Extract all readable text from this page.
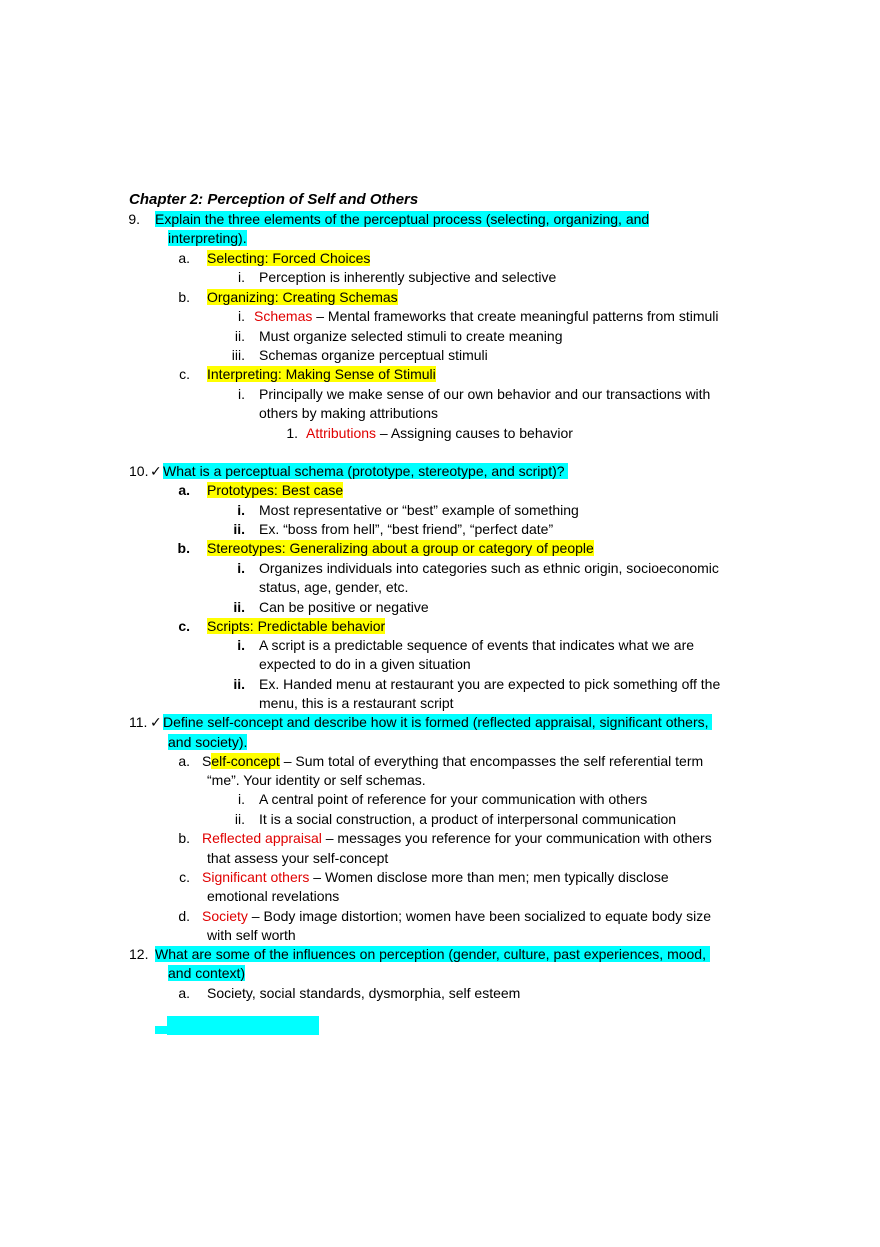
Chapter 2: Perception of Self and Others
9. Explain the three elements of the perceptual process (selecting, organizing, and
interpreting).
a. Selecting: Forced Choices
i. Perception is inherently subjective and selective
b. Organizing: Creating Schemas
i. Schemas – Mental frameworks that create meaningful patterns from stimuli
ii. Must organize selected stimuli to create meaning
iii. Schemas organize perceptual stimuli
c. Interpreting: Making Sense of Stimuli
i. Principally we make sense of our own behavior and our transactions with
others by making attributions
1. Attributions – Assigning causes to behavior
10. ✓ What is a perceptual schema (prototype, stereotype, and script)?
a. Prototypes: Best case
i. Most representative or “best” example of something
ii. Ex. “boss from hell”, “best friend”, “perfect date”
b. Stereotypes: Generalizing about a group or category of people
i. Organizes individuals into categories such as ethnic origin, socioeconomic
status, age, gender, etc.
ii. Can be positive or negative
c. Scripts: Predictable behavior
i. A script is a predictable sequence of events that indicates what we are
expected to do in a given situation
ii. Ex. Handed menu at restaurant you are expected to pick something off the
menu, this is a restaurant script
11. ✓ Define self-concept and describe how it is formed (reflected appraisal, significant others,
and society).
a. Self-concept – Sum total of everything that encompasses the self referential term
“me”. Your identity or self schemas.
i. A central point of reference for your communication with others
ii. It is a social construction, a product of interpersonal communication
b. Reflected appraisal – messages you reference for your communication with others
that assess your self-concept
c. Significant others – Women disclose more than men; men typically disclose
emotional revelations
d. Society – Body image distortion; women have been socialized to equate body size
with self worth
12. What are some of the influences on perception (gender, culture, past experiences, mood,
and context)
a. Society, social standards, dysmorphia, self esteem
